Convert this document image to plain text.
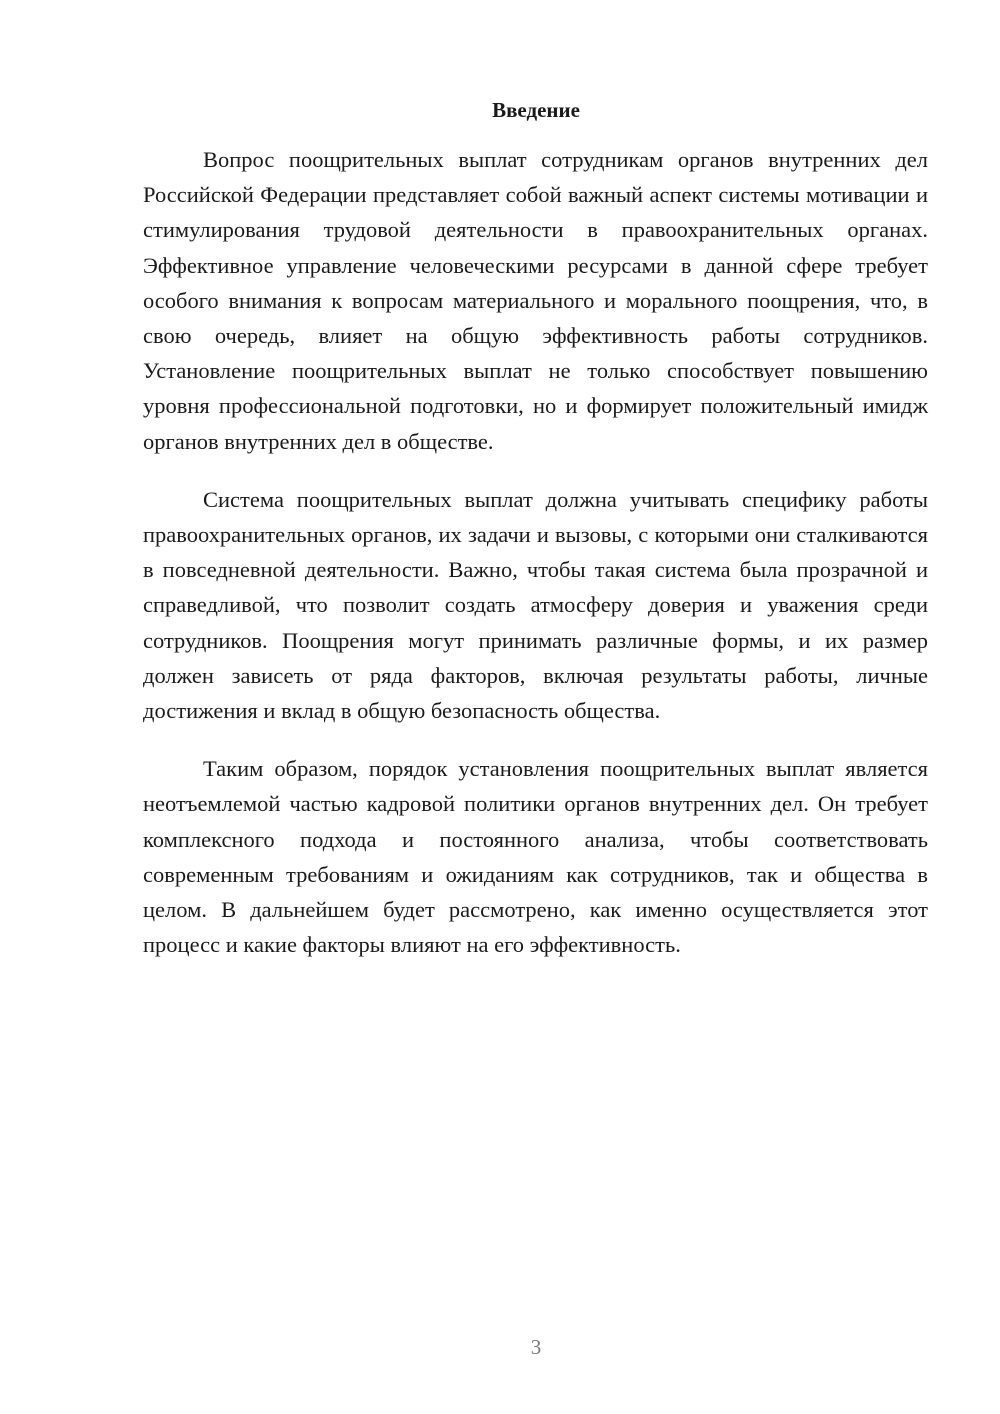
Введение

Вопрос поощрительных выплат сотрудникам органов внутренних дел Российской Федерации представляет собой важный аспект системы мотивации и стимулирования трудовой деятельности в правоохранительных органах. Эффективное управление человеческими ресурсами в данной сфере требует особого внимания к вопросам материального и морального поощрения, что, в свою очередь, влияет на общую эффективность работы сотрудников. Установление поощрительных выплат не только способствует повышению уровня профессиональной подготовки, но и формирует положительный имидж органов внутренних дел в обществе.

Система поощрительных выплат должна учитывать специфику работы правоохранительных органов, их задачи и вызовы, с которыми они сталкиваются в повседневной деятельности. Важно, чтобы такая система была прозрачной и справедливой, что позволит создать атмосферу доверия и уважения среди сотрудников. Поощрения могут принимать различные формы, и их размер должен зависеть от ряда факторов, включая результаты работы, личные достижения и вклад в общую безопасность общества.

Таким образом, порядок установления поощрительных выплат является неотъемлемой частью кадровой политики органов внутренних дел. Он требует комплексного подхода и постоянного анализа, чтобы соответствовать современным требованиям и ожиданиям как сотрудников, так и общества в целом. В дальнейшем будет рассмотрено, как именно осуществляется этот процесс и какие факторы влияют на его эффективность.

3
